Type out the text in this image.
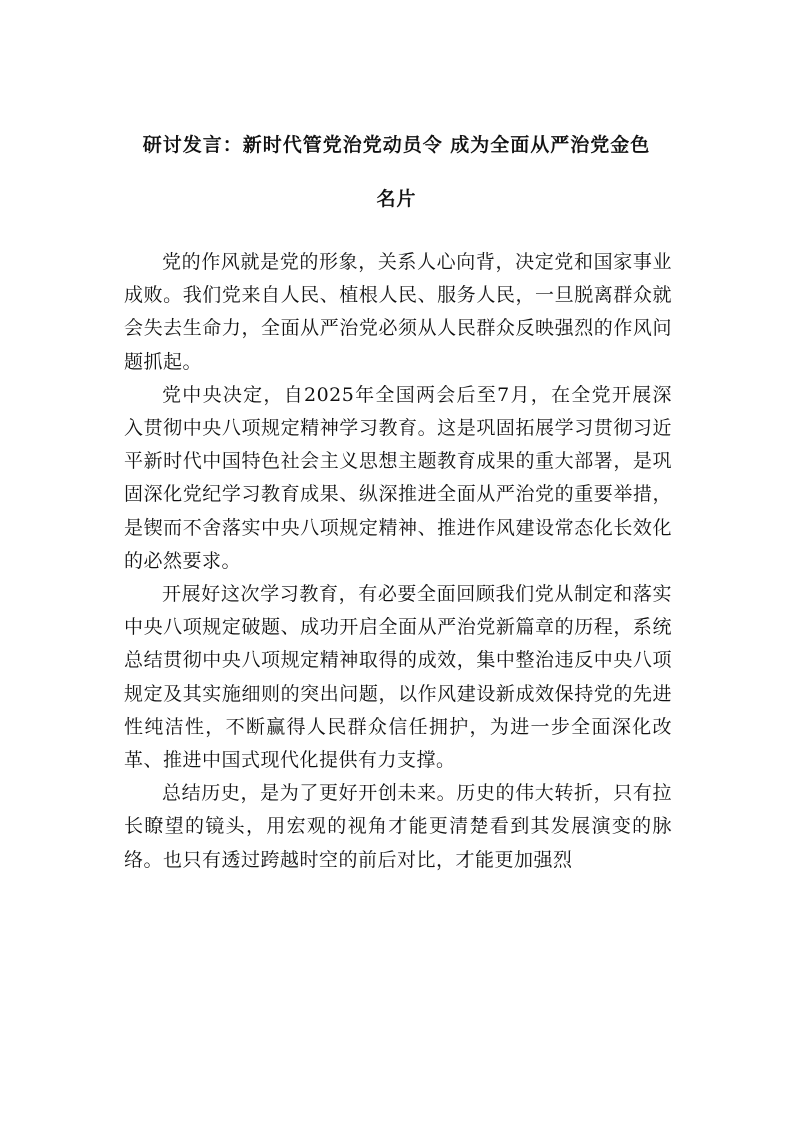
研讨发言：新时代管党治党动员令 成为全面从严治党金色
名片

党的作风就是党的形象，关系人心向背，决定党和国家事业成败。我们党来自人民、植根人民、服务人民，一旦脱离群众就会失去生命力，全面从严治党必须从人民群众反映强烈的作风问题抓起。

党中央决定，自2025年全国两会后至7月，在全党开展深入贯彻中央八项规定精神学习教育。这是巩固拓展学习贯彻习近平新时代中国特色社会主义思想主题教育成果的重大部署，是巩固深化党纪学习教育成果、纵深推进全面从严治党的重要举措，是锲而不舍落实中央八项规定精神、推进作风建设常态化长效化的必然要求。

开展好这次学习教育，有必要全面回顾我们党从制定和落实中央八项规定破题、成功开启全面从严治党新篇章的历程，系统总结贯彻中央八项规定精神取得的成效，集中整治违反中央八项规定及其实施细则的突出问题，以作风建设新成效保持党的先进性纯洁性，不断赢得人民群众信任拥护，为进一步全面深化改革、推进中国式现代化提供有力支撑。

总结历史，是为了更好开创未来。历史的伟大转折，只有拉长瞭望的镜头，用宏观的视角才能更清楚看到其发展演变的脉络。也只有透过跨越时空的前后对比，才能更加强烈
